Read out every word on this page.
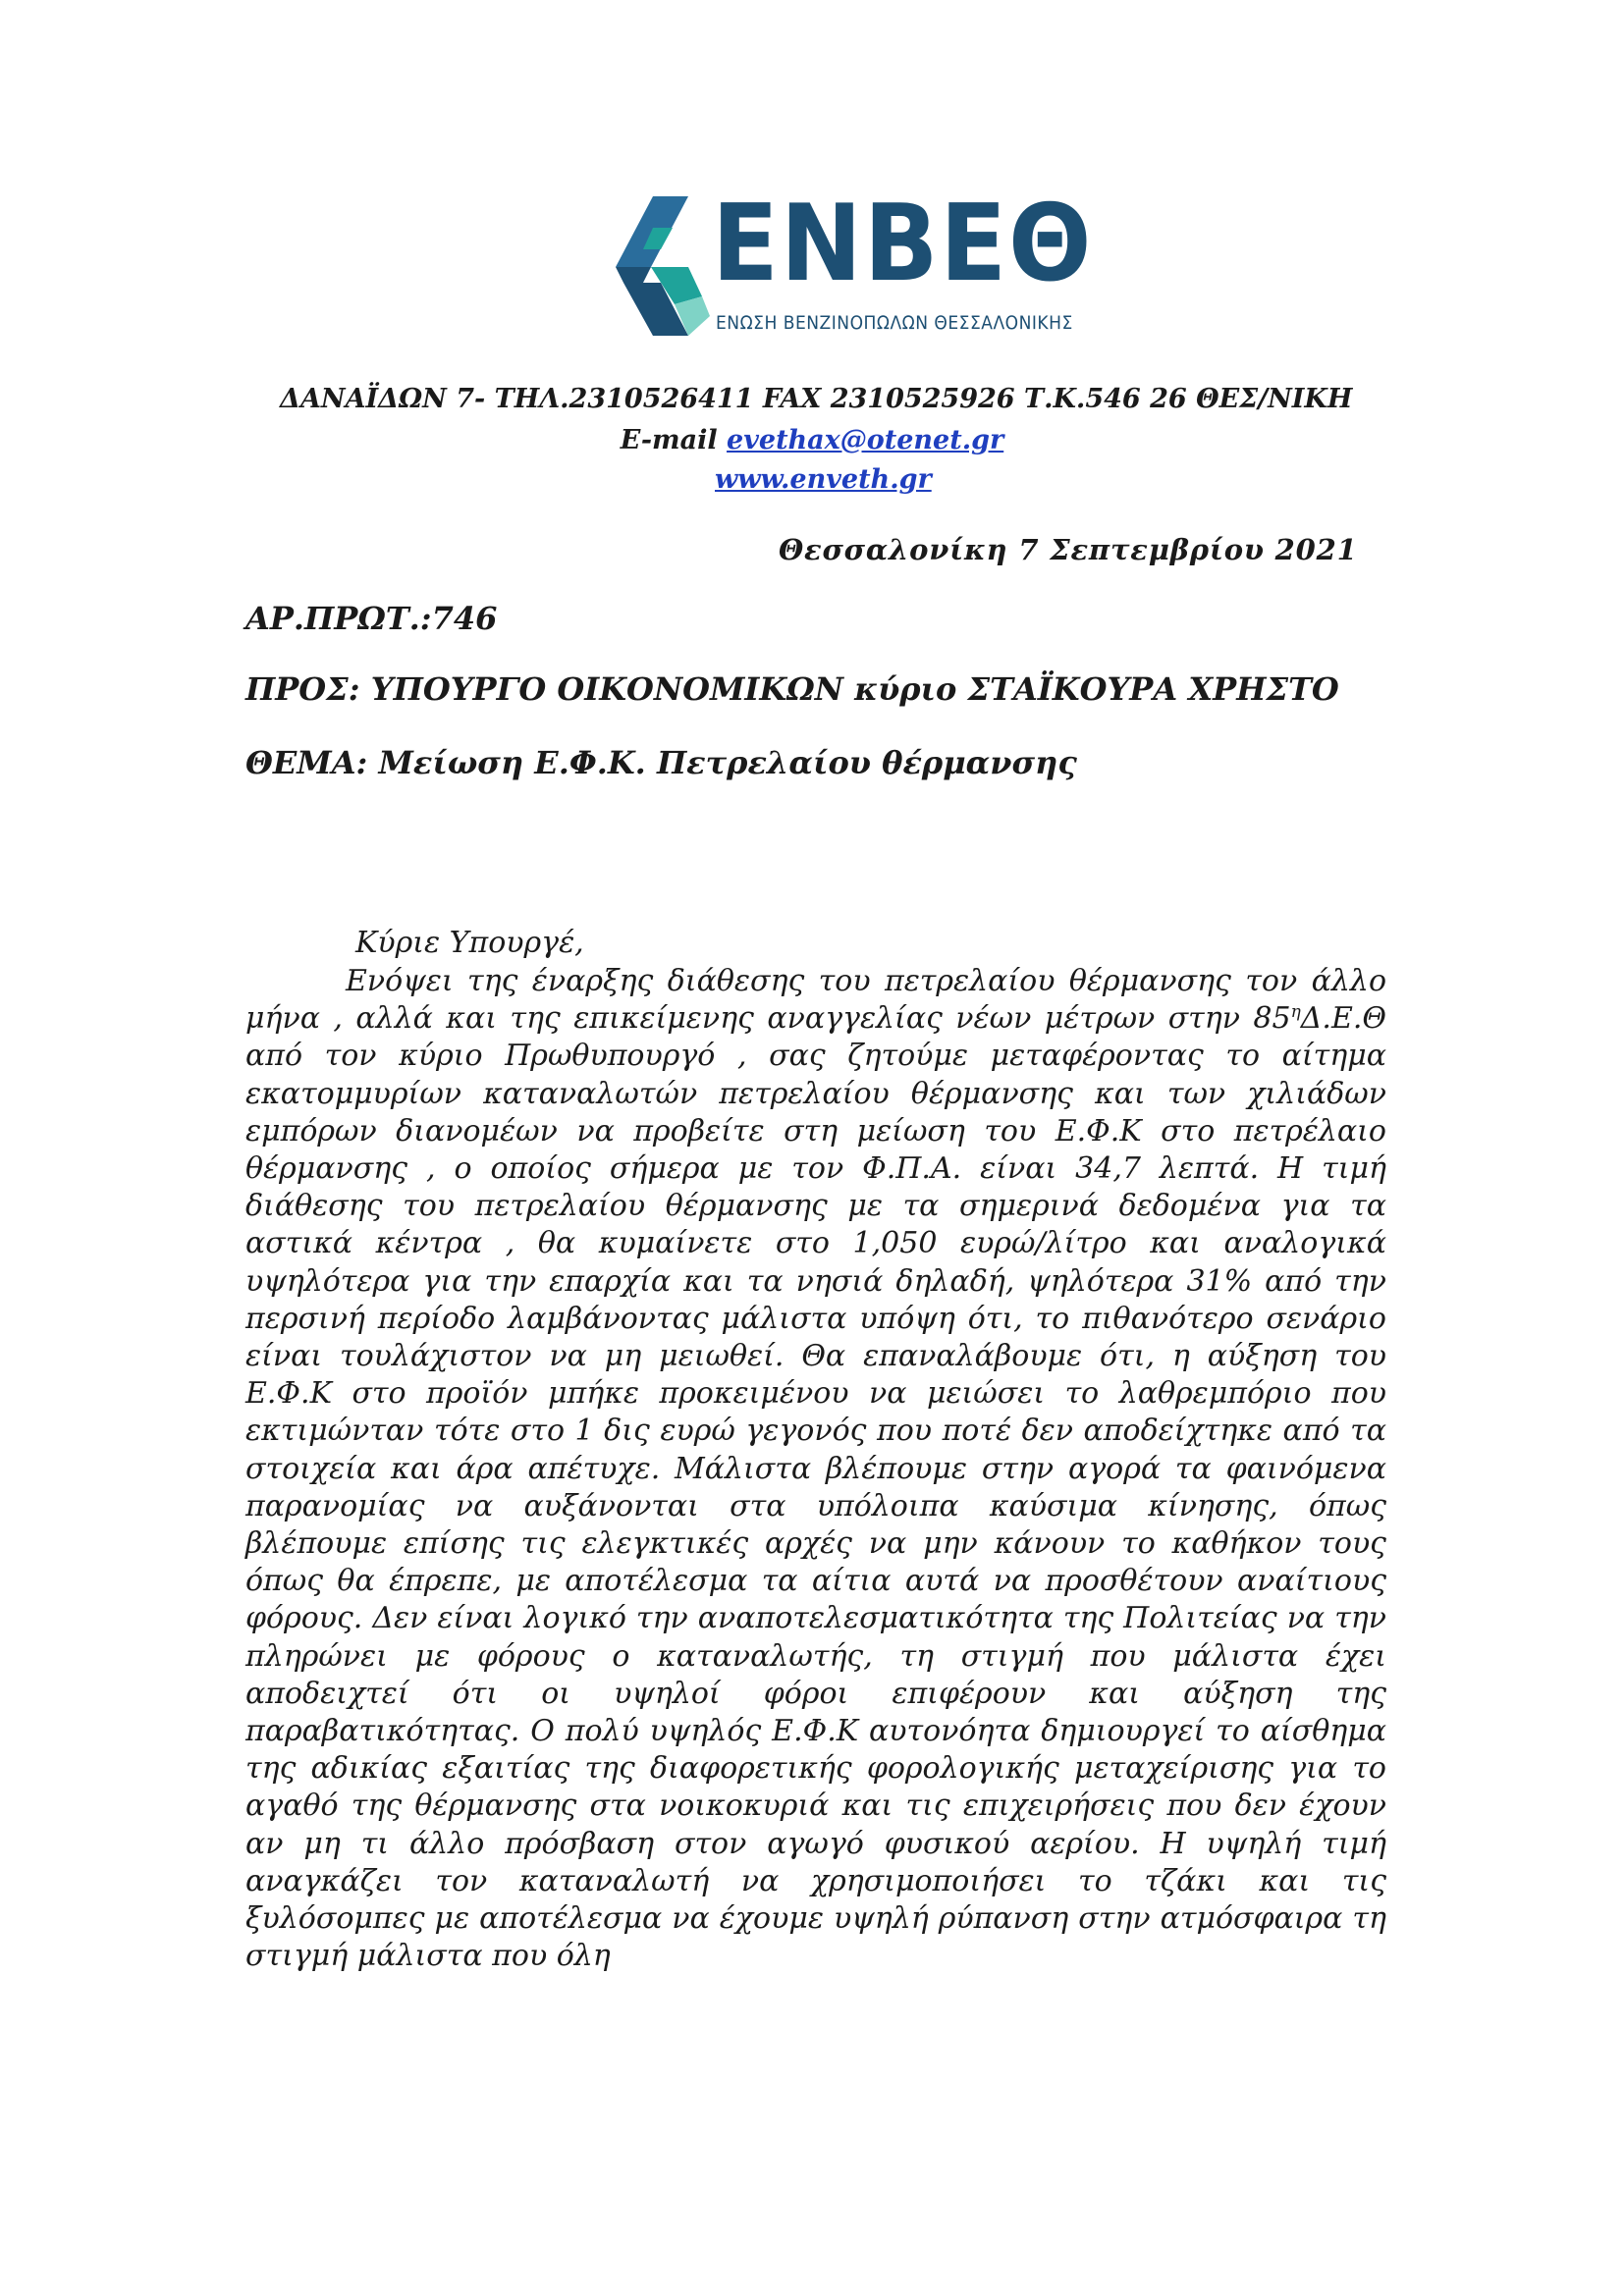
ΕΝΒΕΘ
ΕΝΩΣΗ ΒΕΝΖΙΝΟΠΩΛΩΝ ΘΕΣΣΑΛΟΝΙΚΗΣ
ΔΑΝΑΪΔΩΝ 7- ΤΗΛ.2310526411 FAX 2310525926 Τ.Κ.546 26 ΘΕΣ/ΝΙΚΗ
E-mail evethax@otenet.gr
www.enveth.gr
Θεσσαλονίκη 7 Σεπτεμβρίου 2021
ΑΡ.ΠΡΩΤ.:746
ΠΡΟΣ: ΥΠΟΥΡΓΟ ΟΙΚΟΝΟΜΙΚΩΝ κύριο ΣΤΑΪΚΟΥΡΑ ΧΡΗΣΤΟ
ΘΕΜΑ: Μείωση Ε.Φ.Κ. Πετρελαίου θέρμανσης
Κύριε Υπουργέ,
Ενόψει της έναρξης διάθεσης του πετρελαίου θέρμανσης τον άλλο μήνα , αλλά και της επικείμενης αναγγελίας νέων μέτρων στην $85^\eta\Delta.E.\Theta$ από τον κύριο Πρωθυπουργό , σας ζητούμε μεταφέροντας το αίτημα εκατομμυρίων καταναλωτών πετρελαίου θέρμανσης και των χιλιάδων εμπόρων διανομέων να προβείτε στη μείωση του Ε.Φ.Κ στο πετρέλαιο θέρμανσης , ο οποίος σήμερα με τον Φ.Π.Α. είναι 34,7 λεπτά. Η τιμή διάθεσης του πετρελαίου θέρμανσης με τα σημερινά δεδομένα για τα αστικά κέντρα , θα κυμαίνετε στο 1,050 ευρώ/λίτρο και αναλογικά υψηλότερα για την επαρχία και τα νησιά δηλαδή, ψηλότερα 31% από την περσινή περίοδο λαμβάνοντας μάλιστα υπόψη ότι, το πιθανότερο σενάριο είναι τουλάχιστον να μη μειωθεί. Θα επαναλάβουμε ότι, η αύξηση του Ε.Φ.Κ στο προϊόν μπήκε προκειμένου να μειώσει το λαθρεμπόριο που εκτιμώνταν τότε στο 1 δις ευρώ γεγονός που ποτέ δεν αποδείχτηκε από τα στοιχεία και άρα απέτυχε. Μάλιστα βλέπουμε στην αγορά τα φαινόμενα παρανομίας να αυξάνονται στα υπόλοιπα καύσιμα κίνησης, όπως βλέπουμε επίσης τις ελεγκτικές αρχές να μην κάνουν το καθήκον τους όπως θα έπρεπε, με αποτέλεσμα τα αίτια αυτά να προσθέτουν αναίτιους φόρους. Δεν είναι λογικό την αναποτελεσματικότητα της Πολιτείας να την πληρώνει με φόρους ο καταναλωτής, τη στιγμή που μάλιστα έχει αποδειχτεί ότι οι υψηλοί φόροι επιφέρουν και αύξηση της παραβατικότητας. Ο πολύ υψηλός Ε.Φ.Κ αυτονόητα δημιουργεί το αίσθημα της αδικίας εξαιτίας της διαφορετικής φορολογικής μεταχείρισης για το αγαθό της θέρμανσης στα νοικοκυριά και τις επιχειρήσεις που δεν έχουν αν μη τι άλλο πρόσβαση στον αγωγό φυσικού αερίου. Η υψηλή τιμή αναγκάζει τον καταναλωτή να χρησιμοποιήσει το τζάκι και τις ξυλόσομπες με αποτέλεσμα να έχουμε υψηλή ρύπανση στην ατμόσφαιρα τη στιγμή μάλιστα που όλη
